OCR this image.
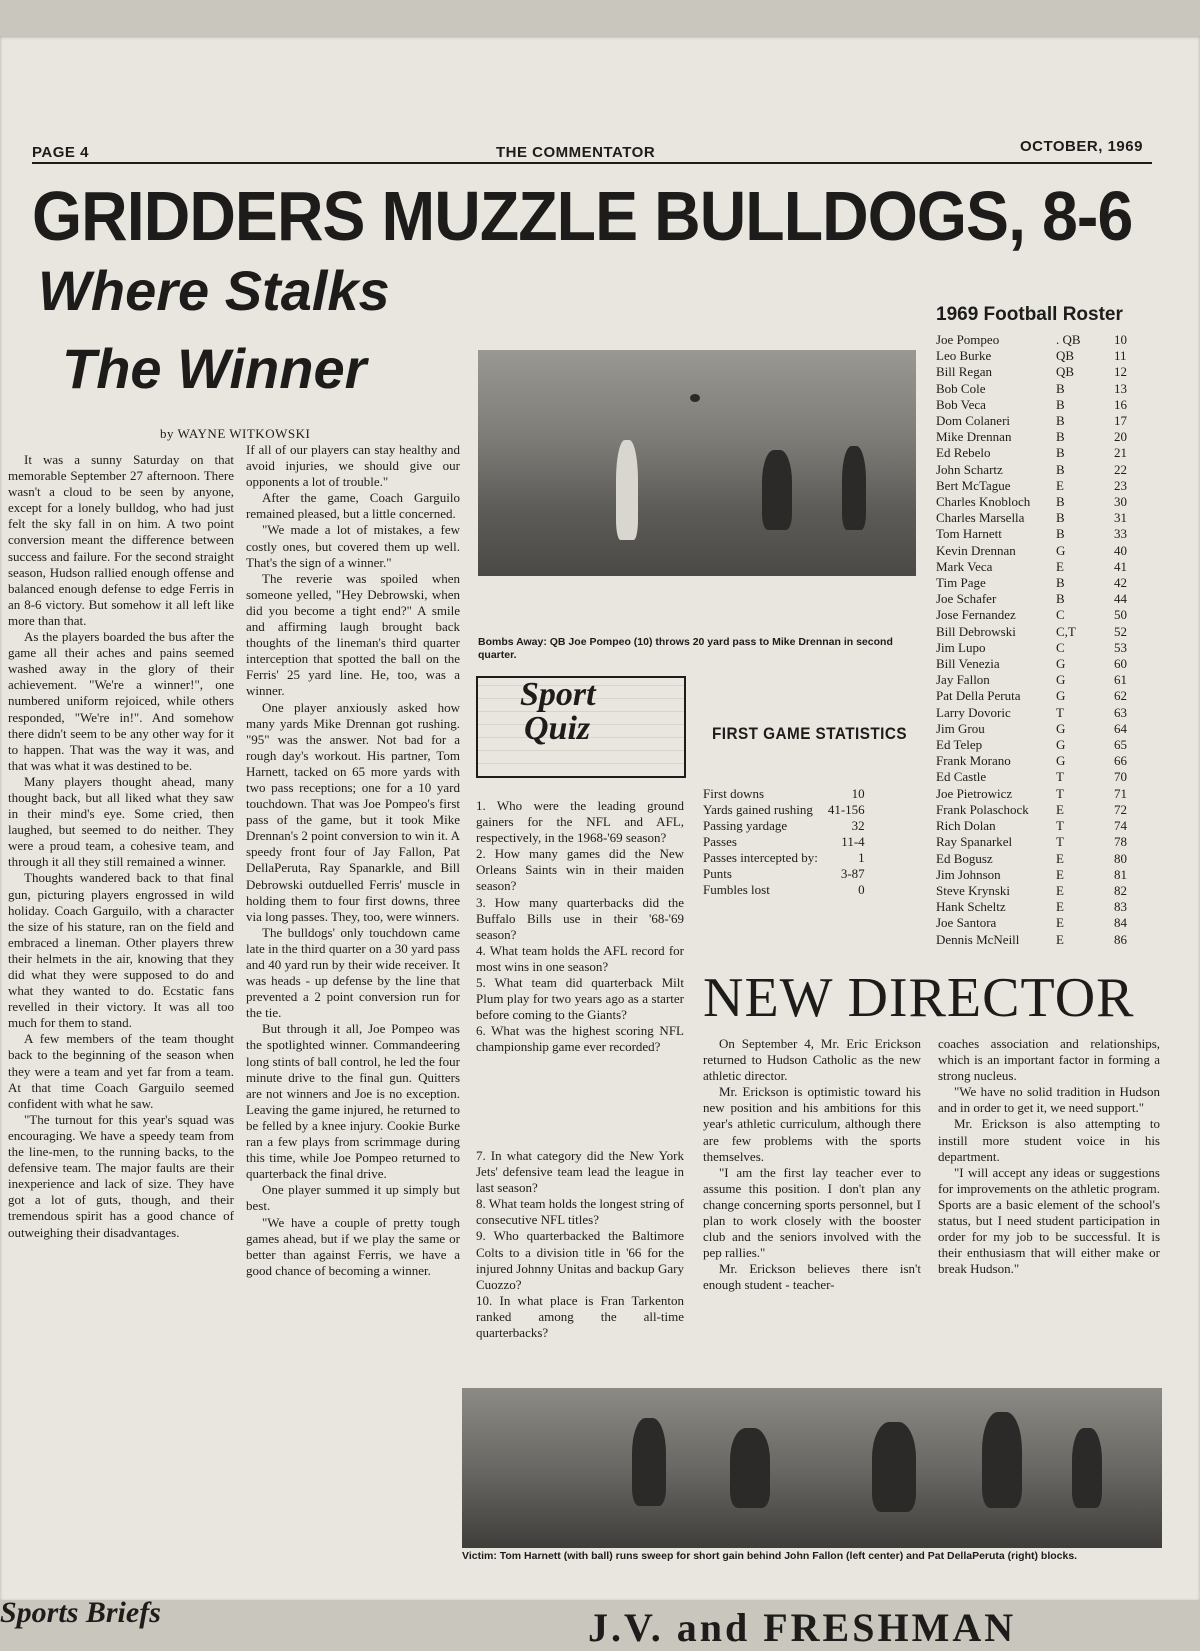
PAGE 4	THE COMMENTATOR	OCTOBER, 1969
GRIDDERS MUZZLE BULLDOGS, 8-6
Where Stalks
The Winner
by WAYNE WITKOWSKI

It was a sunny Saturday on that memorable September 27 afternoon. There wasn't a cloud to be seen by anyone, except for a lonely bulldog, who had just felt the sky fall in on him. A two point conversion meant the difference between success and failure. For the second straight season, Hudson rallied enough offense and balanced enough defense to edge Ferris in an 8-6 victory. But somehow it all left like more than that.

As the players boarded the bus after the game all their aches and pains seemed washed away in the glory of their achievement. "We're a winner!", one numbered uniform rejoiced, while others responded, "We're in!". And somehow there didn't seem to be any other way for it to happen. That was the way it was, and that was what it was destined to be.

Many players thought ahead, many thought back, but all liked what they saw in their mind's eye. Some cried, then laughed, but seemed to do neither. They were a proud team, a cohesive team, and through it all they still remained a winner.

Thoughts wandered back to that final gun, picturing players engrossed in wild holiday. Coach Garguilo, with a character the size of his stature, ran on the field and embraced a lineman. Other players threw their helmets in the air, knowing that they did what they were supposed to do and what they wanted to do. Ecstatic fans revelled in their victory. It was all too much for them to stand.

A few members of the team thought back to the beginning of the season when they were a team and yet far from a team. At that time Coach Garguilo seemed confident with what he saw.

"The turnout for this year's squad was encouraging. We have a speedy team from the line-men, to the running backs, to the defensive team. The major faults are their inexperience and lack of size. They have got a lot of guts, though, and their tremendous spirit has a good chance of outweighing their disadvantages.

If all of our players can stay healthy and avoid injuries, we should give our opponents a lot of trouble."

After the game, Coach Garguilo remained pleased, but a little concerned.

"We made a lot of mistakes, a few costly ones, but covered them up well. That's the sign of a winner."

The reverie was spoiled when someone yelled, "Hey Debrowski, when did you become a tight end?" A smile and affirming laugh brought back thoughts of the lineman's third quarter interception that spotted the ball on the Ferris' 25 yard line. He, too, was a winner.

One player anxiously asked how many yards Mike Drennan got rushing. "95" was the answer. Not bad for a rough day's workout. His partner, Tom Harnett, tacked on 65 more yards with two pass receptions; one for a 10 yard touchdown. That was Joe Pompeo's first pass of the game, but it took Mike Drennan's 2 point conversion to win it. A speedy front four of Jay Fallon, Pat DellaPeruta, Ray Spanarkle, and Bill Debrowski outduelled Ferris' muscle in holding them to four first downs, three via long passes. They, too, were winners.

The bulldogs' only touchdown came late in the third quarter on a 30 yard pass and 40 yard run by their wide receiver. It was heads - up defense by the line that prevented a 2 point conversion run for the tie.

But through it all, Joe Pompeo was the spotlighted winner. Commandeering long stints of ball control, he led the four minute drive to the final gun. Quitters are not winners and Joe is no exception. Leaving the game injured, he returned to be felled by a knee injury. Cookie Burke ran a few plays from scrimmage during this time, while Joe Pompeo returned to quarterback the final drive.

One player summed it up simply but best.

"We have a couple of pretty tough games ahead, but if we play the same or better than against Ferris, we have a good chance of becoming a winner.

Bombs Away: QB Joe Pompeo (10) throws 20 yard pass to Mike Drennan in second quarter.
Sport
Quiz

1. Who were the leading ground gainers for the NFL and AFL, respectively, in the 1968-'69 season?

2. How many games did the New Orleans Saints win in their maiden season?

3. How many quarterbacks did the Buffalo Bills use in their '68-'69 season?

4. What team holds the AFL record for most wins in one season?

5. What team did quarterback Milt Plum play for two years ago as a starter before coming to the Giants?

6. What was the highest scoring NFL championship game ever recorded?

7. In what category did the New York Jets' defensive team lead the league in last season?

8. What team holds the longest string of consecutive NFL titles?

9. Who quarterbacked the Baltimore Colts to a division title in '66 for the injured Johnny Unitas and backup Gary Cuozzo?

10. In what place is Fran Tarkenton ranked among the all-time quarterbacks?

FIRST GAME STATISTICS
First downs	10
Yards gained rushing	41-156
Passing yardage	32
Passes	11-4
Passes intercepted by:	1
Punts	3-87
Fumbles lost	0
1969 Football Roster
Joe Pompeo	. QB	10
Leo Burke	QB	11
Bill Regan	QB	12
Bob Cole	B	13
Bob Veca	B	16
Dom Colaneri	B	17
Mike Drennan	B	20
Ed Rebelo	B	21
John Schartz	B	22
Bert McTague	E	23
Charles Knobloch	B	30
Charles Marsella	B	31
Tom Harnett	B	33
Kevin Drennan	G	40
Mark Veca	E	41
Tim Page	B	42
Joe Schafer	B	44
Jose Fernandez	C	50
Bill Debrowski	C,T	52
Jim Lupo	C	53
Bill Venezia	G	60
Jay Fallon	G	61
Pat Della Peruta	G	62
Larry Dovoric	T	63
Jim Grou	G	64
Ed Telep	G	65
Frank Morano	G	66
Ed Castle	T	70
Joe Pietrowicz	T	71
Frank Polaschock	E	72
Rich Dolan	T	74
Ray Spanarkel	T	78
Ed Bogusz	E	80
Jim Johnson	E	81
Steve Krynski	E	82
Hank Scheltz	E	83
Joe Santora	E	84
Dennis McNeill	E	86
NEW DIRECTOR

On September 4, Mr. Eric Erickson returned to Hudson Catholic as the new athletic director.

Mr. Erickson is optimistic toward his new position and his ambitions for this year's athletic curriculum, although there are few problems with the sports themselves.

"I am the first lay teacher ever to assume this position. I don't plan any change concerning sports personnel, but I plan to work closely with the booster club and the seniors involved with the pep rallies."

Mr. Erickson believes there isn't enough student - teacher-

coaches association and relationships, which is an important factor in forming a strong nucleus.

"We have no solid tradition in Hudson and in order to get it, we need support."

Mr. Erickson is also attempting to instill more student voice in his department.

"I will accept any ideas or suggestions for improvements on the athletic program. Sports are a basic element of the school's status, but I need student participation in order for my job to be successful. It is their enthusiasm that will either make or break Hudson."

Victim: Tom Harnett (with ball) runs sweep for short gain behind John Fallon (left center) and Pat DellaPeruta (right) blocks.
Sports Briefs	J.V. and FRESHMAN
